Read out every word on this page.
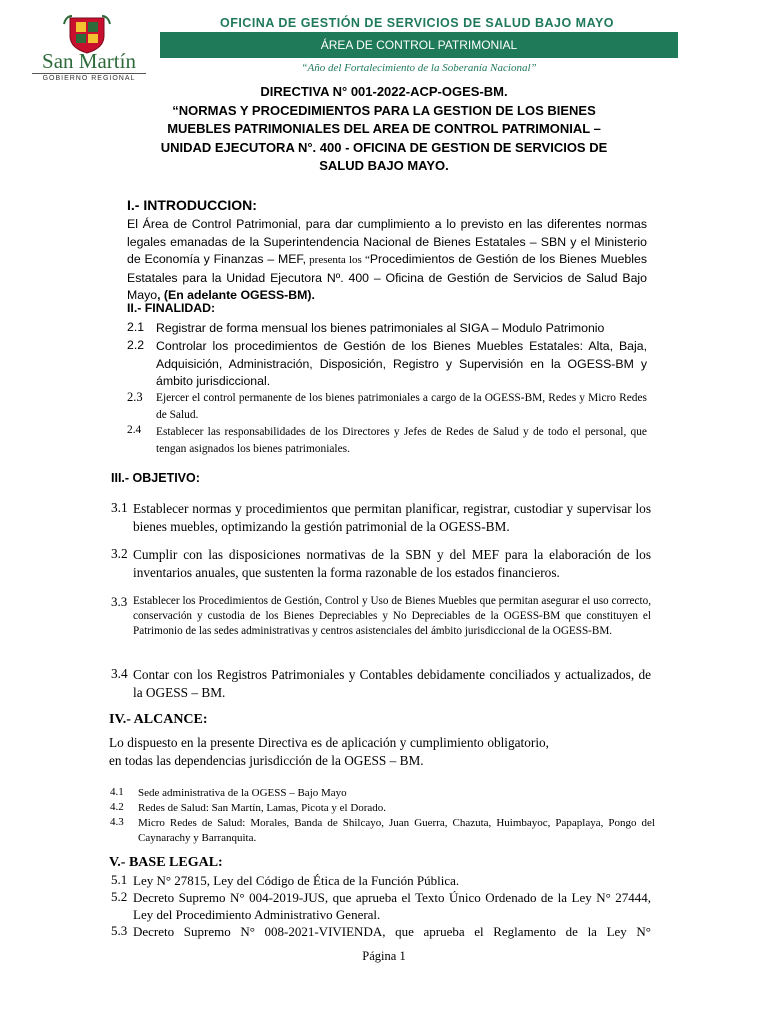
San Martín
GOBIERNO REGIONAL
OFICINA DE GESTIÓN DE SERVICIOS DE SALUD BAJO MAYO
ÁREA DE CONTROL PATRIMONIAL
“Año del Fortalecimiento de la Soberanía Nacional”
DIRECTIVA N° 001-2022-ACP-OGES-BM.
“NORMAS Y PROCEDIMIENTOS PARA LA GESTION DE LOS BIENES
MUEBLES PATRIMONIALES DEL AREA DE CONTROL PATRIMONIAL –
UNIDAD EJECUTORA N°. 400 - OFICINA DE GESTION DE SERVICIOS DE
SALUD BAJO MAYO.
I.- INTRODUCCION:
El Área de Control Patrimonial, para dar cumplimiento a lo previsto en las diferentes normas legales emanadas de la Superintendencia Nacional de Bienes Estatales – SBN y el Ministerio de Economía y Finanzas – MEF, presenta los “Procedimientos de Gestión de los Bienes Muebles Estatales para la Unidad Ejecutora Nº. 400 – Oficina de Gestión de Servicios de Salud Bajo Mayo, (En adelante OGESS-BM).
II.- FINALIDAD:
2.1 Registrar de forma mensual los bienes patrimoniales al SIGA – Modulo Patrimonio
2.2 Controlar los procedimientos de Gestión de los Bienes Muebles Estatales: Alta, Baja, Adquisición, Administración, Disposición, Registro y Supervisión en la OGESS-BM y ámbito jurisdiccional.
2.3 Ejercer el control permanente de los bienes patrimoniales a cargo de la OGESS-BM, Redes y Micro Redes de Salud.
2.4 Establecer las responsabilidades de los Directores y Jefes de Redes de Salud y de todo el personal, que tengan asignados los bienes patrimoniales.
III.- OBJETIVO:
3.1 Establecer normas y procedimientos que permitan planificar, registrar, custodiar y supervisar los bienes muebles, optimizando la gestión patrimonial de la OGESS-BM.
3.2 Cumplir con las disposiciones normativas de la SBN y del MEF para la elaboración de los inventarios anuales, que sustenten la forma razonable de los estados financieros.
3.3 Establecer los Procedimientos de Gestión, Control y Uso de Bienes Muebles que permitan asegurar el uso correcto, conservación y custodia de los Bienes Depreciables y No Depreciables de la OGESS-BM que constituyen el Patrimonio de las sedes administrativas y centros asistenciales del ámbito jurisdiccional de la OGESS-BM.
3.4 Contar con los Registros Patrimoniales y Contables debidamente conciliados y actualizados, de la OGESS – BM.
IV.- ALCANCE:
Lo dispuesto en la presente Directiva es de aplicación y cumplimiento obligatorio, en todas las dependencias jurisdicción de la OGESS – BM.
4.1 Sede administrativa de la OGESS – Bajo Mayo
4.2 Redes de Salud: San Martín, Lamas, Picota y el Dorado.
4.3 Micro Redes de Salud: Morales, Banda de Shilcayo, Juan Guerra, Chazuta, Huimbayoc, Papaplaya, Pongo del Caynarachy y Barranquita.
V.- BASE LEGAL:
5.1 Ley N° 27815, Ley del Código de Ética de la Función Pública.
5.2 Decreto Supremo N° 004-2019-JUS, que aprueba el Texto Único Ordenado de la Ley N° 27444, Ley del Procedimiento Administrativo General.
5.3 Decreto Supremo N° 008-2021-VIVIENDA, que aprueba el Reglamento de la Ley N°
Página 1
